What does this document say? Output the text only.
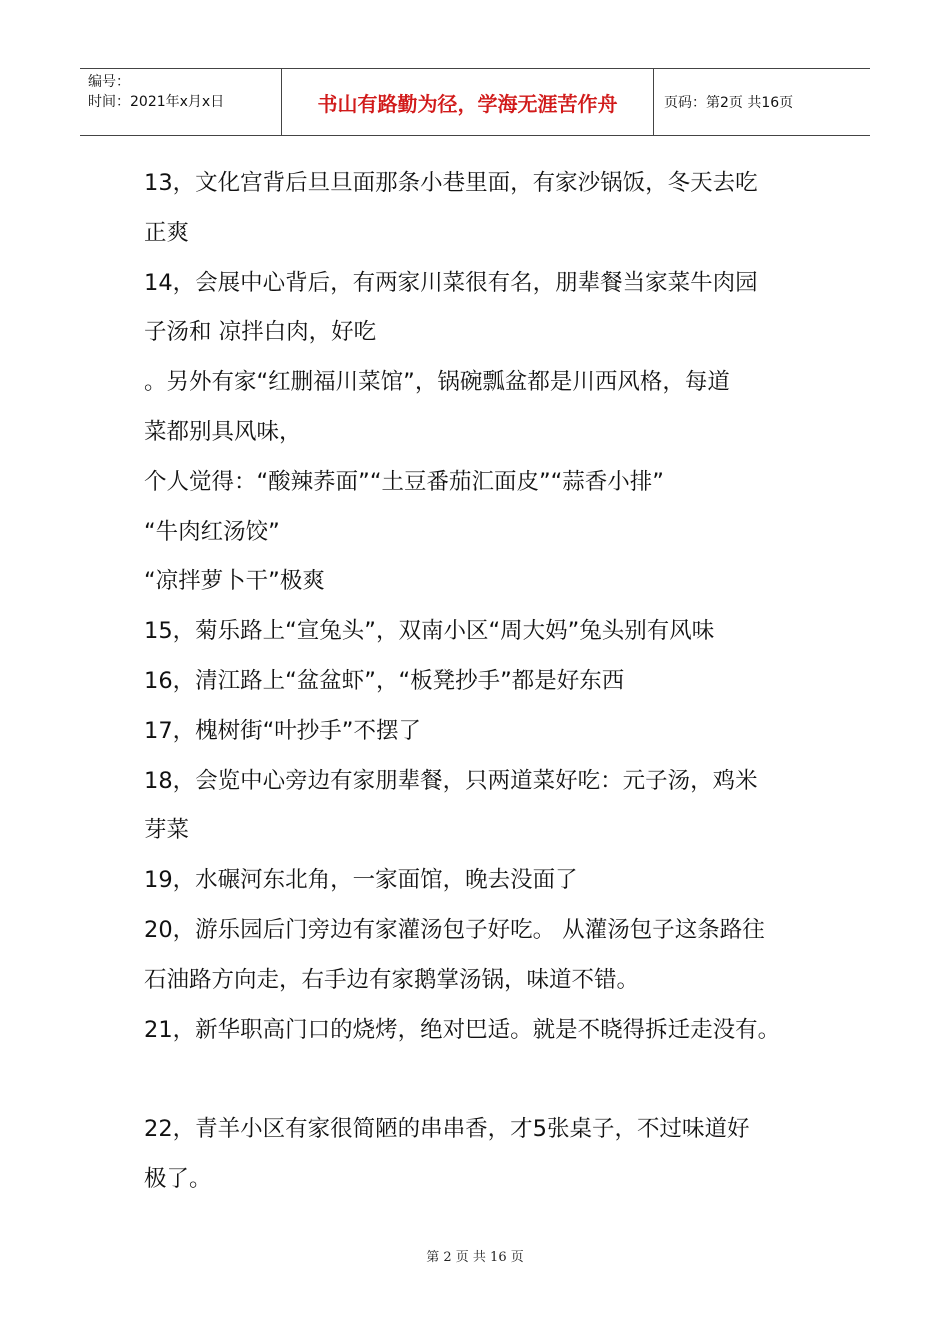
编号：
时间：2021年x月x日	书山有路勤为径，学海无涯苦作舟	页码：第2页 共16页

13，文化宫背后旦旦面那条小巷里面，有家沙锅饭，冬天去吃

正爽

14，会展中心背后，有两家川菜很有名，朋辈餐当家菜牛肉园

子汤和 凉拌白肉，好吃

。另外有家“红删福川菜馆”，锅碗瓢盆都是川西风格，每道

菜都别具风味，

个人觉得：“酸辣荞面”“土豆番茄汇面皮”“蒜香小排”

“牛肉红汤饺”

“凉拌萝卜干”极爽

15，菊乐路上“宣兔头”，双南小区“周大妈”兔头别有风味

16，清江路上“盆盆虾”，“板凳抄手”都是好东西

17，槐树街“叶抄手”不摆了

18，会览中心旁边有家朋辈餐，只两道菜好吃：元子汤，鸡米

芽菜

19，水碾河东北角，一家面馆，晚去没面了

20，游乐园后门旁边有家灌汤包子好吃。 从灌汤包子这条路往

石油路方向走，右手边有家鹅掌汤锅，味道不错。

21，新华职高门口的烧烤，绝对巴适。就是不晓得拆迁走没有。

22，青羊小区有家很简陋的串串香，才5张桌子，不过味道好

极了。

第 2 页 共 16 页
